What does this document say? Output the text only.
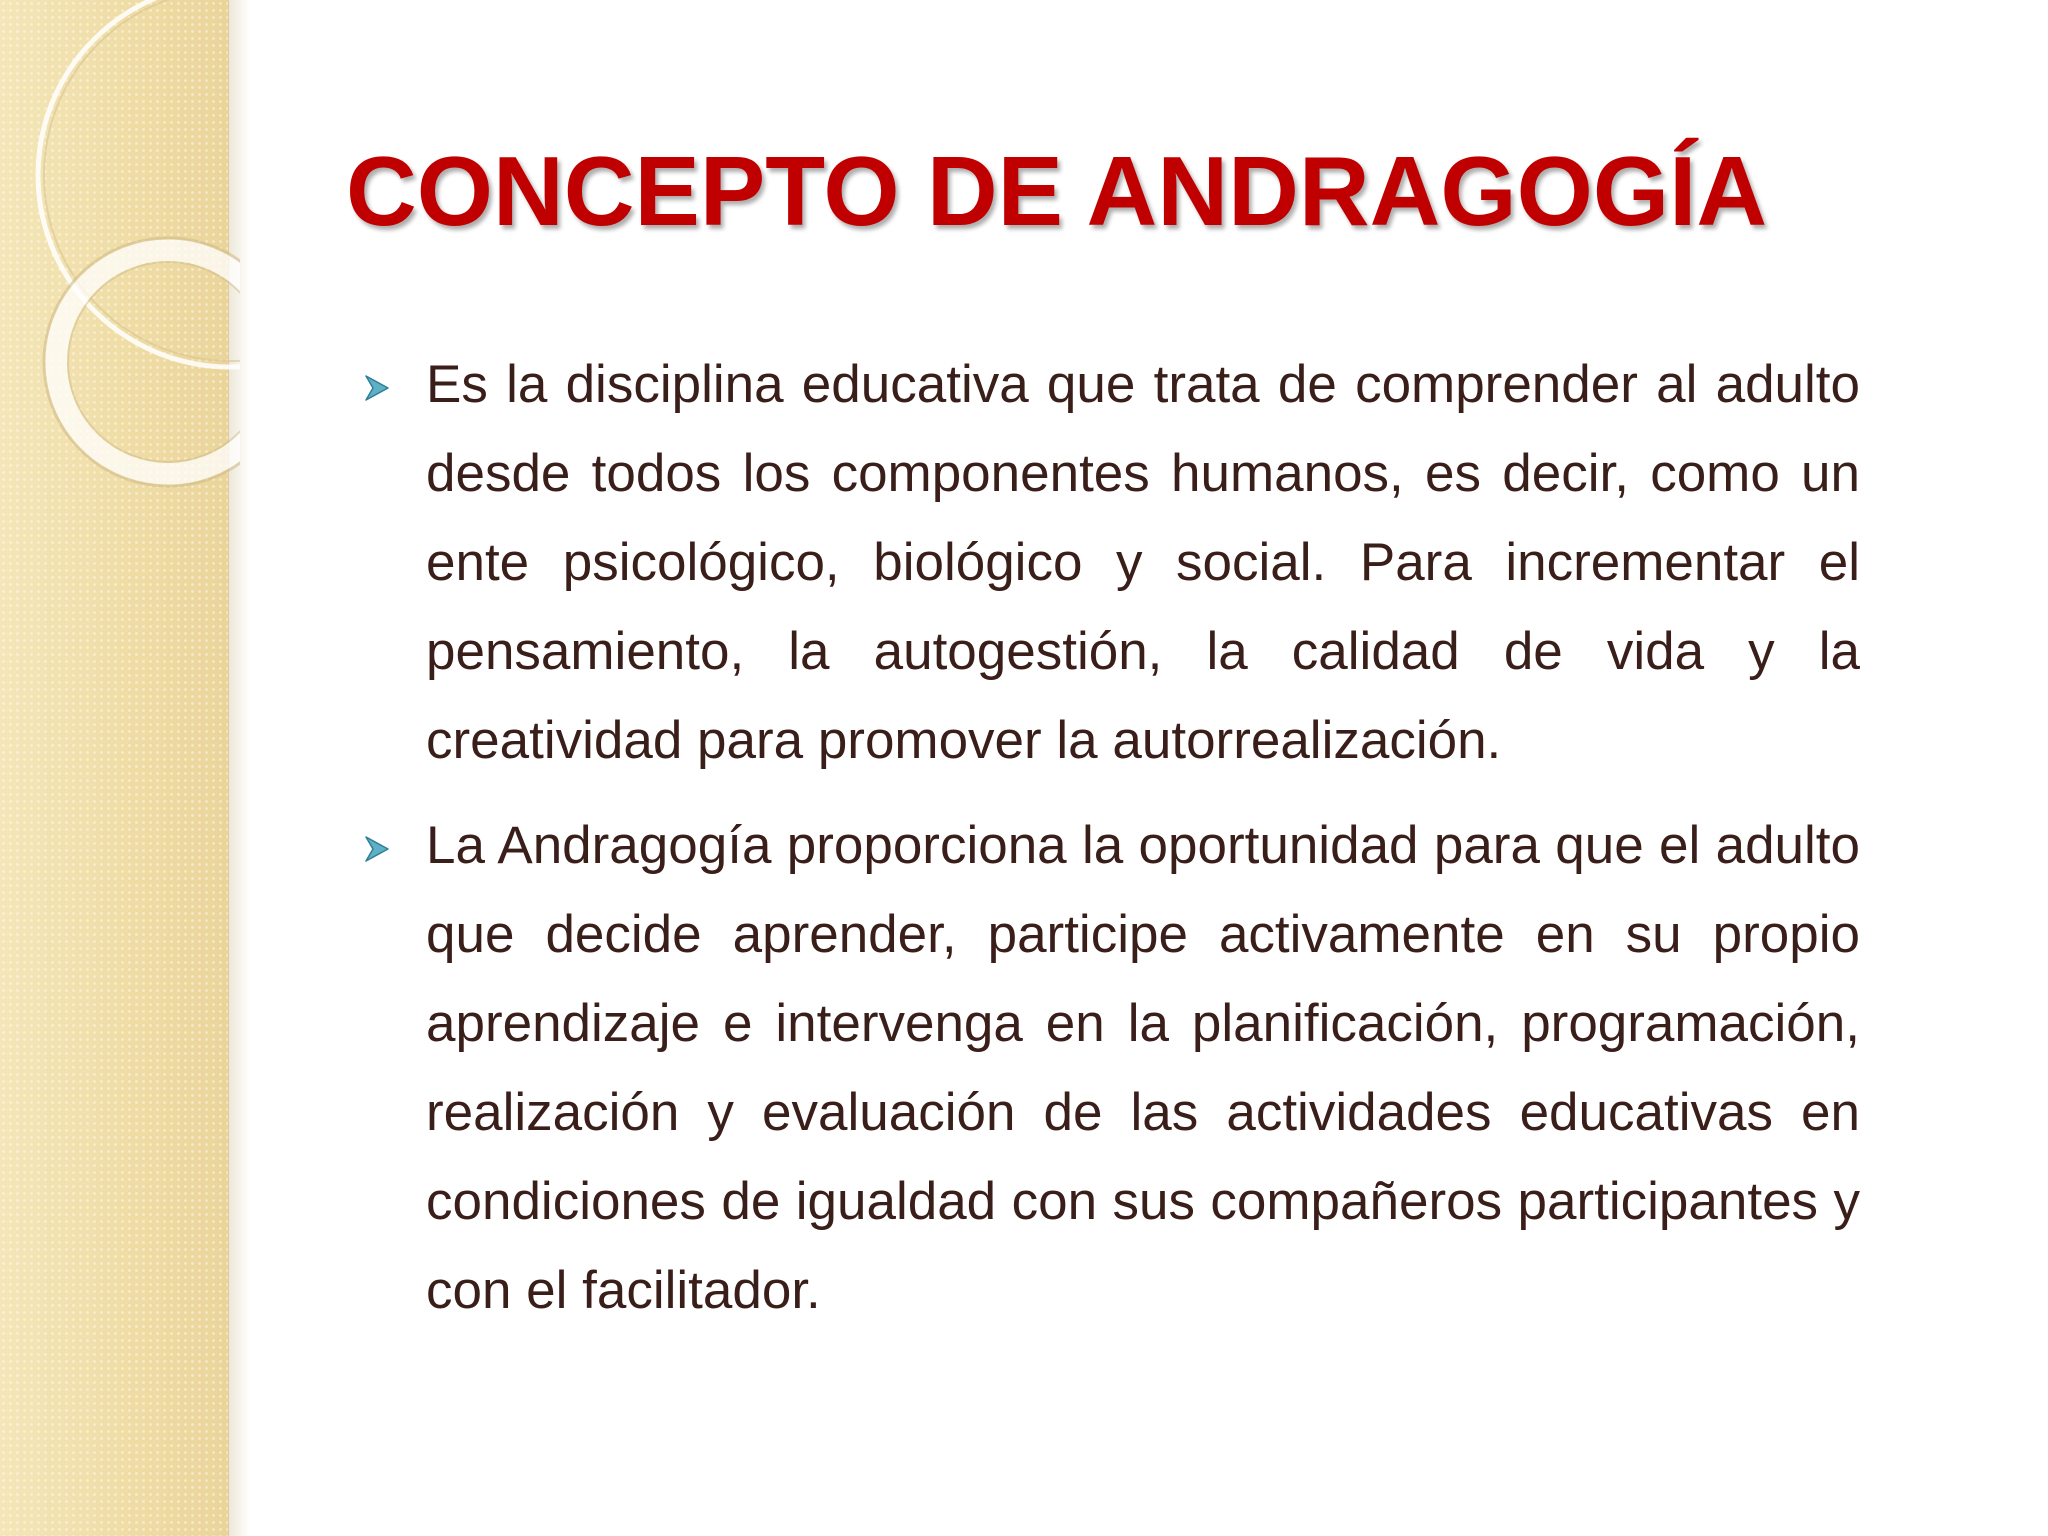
CONCEPTO DE ANDRAGOGÍA
Es la disciplina educativa que trata de comprender al adulto desde todos los componentes humanos, es decir, como un ente psicológico, biológico y social. Para incrementar el pensamiento, la autogestión, la calidad de vida y la creatividad para promover la autorrealización.
La Andragogía proporciona la oportunidad para que el adulto que decide aprender, participe activamente en su propio aprendizaje e intervenga en la planificación, programación, realización y evaluación de las actividades educativas en condiciones de igualdad con sus compañeros participantes y con el facilitador.
